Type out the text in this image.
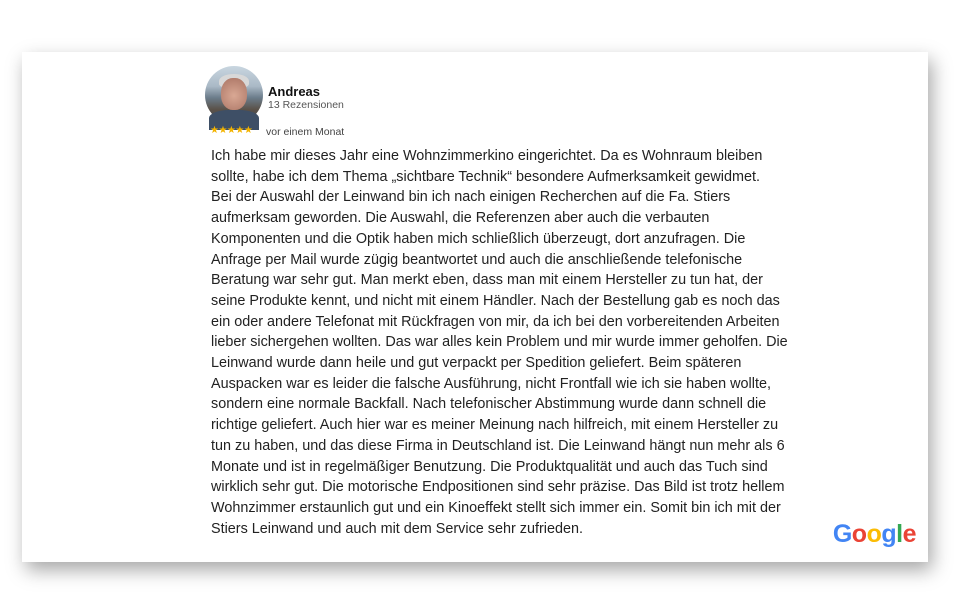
Andreas
13 Rezensionen
★★★★★ vor einem Monat
Ich habe mir dieses Jahr eine Wohnzimmerkino eingerichtet. Da es Wohnraum bleiben
sollte, habe ich dem Thema „sichtbare Technik“ besondere Aufmerksamkeit gewidmet.
Bei der Auswahl der Leinwand bin ich nach einigen Recherchen auf die Fa. Stiers
aufmerksam geworden. Die Auswahl, die Referenzen aber auch die verbauten
Komponenten und die Optik haben mich schließlich überzeugt, dort anzufragen. Die
Anfrage per Mail wurde zügig beantwortet und auch die anschließende telefonische
Beratung war sehr gut. Man merkt eben, dass man mit einem Hersteller zu tun hat, der
seine Produkte kennt, und nicht mit einem Händler. Nach der Bestellung gab es noch das
ein oder andere Telefonat mit Rückfragen von mir, da ich bei den vorbereitenden Arbeiten
lieber sichergehen wollten. Das war alles kein Problem und mir wurde immer geholfen. Die
Leinwand wurde dann heile und gut verpackt per Spedition geliefert. Beim späteren
Auspacken war es leider die falsche Ausführung, nicht Frontfall wie ich sie haben wollte,
sondern eine normale Backfall. Nach telefonischer Abstimmung wurde dann schnell die
richtige geliefert. Auch hier war es meiner Meinung nach hilfreich, mit einem Hersteller zu
tun zu haben, und das diese Firma in Deutschland ist. Die Leinwand hängt nun mehr als 6
Monate und ist in regelmäßiger Benutzung. Die Produktqualität und auch das Tuch sind
wirklich sehr gut. Die motorische Endpositionen sind sehr präzise. Das Bild ist trotz hellem
Wohnzimmer erstaunlich gut und ein Kinoeffekt stellt sich immer ein. Somit bin ich mit der
Stiers Leinwand und auch mit dem Service sehr zufrieden.	Google
